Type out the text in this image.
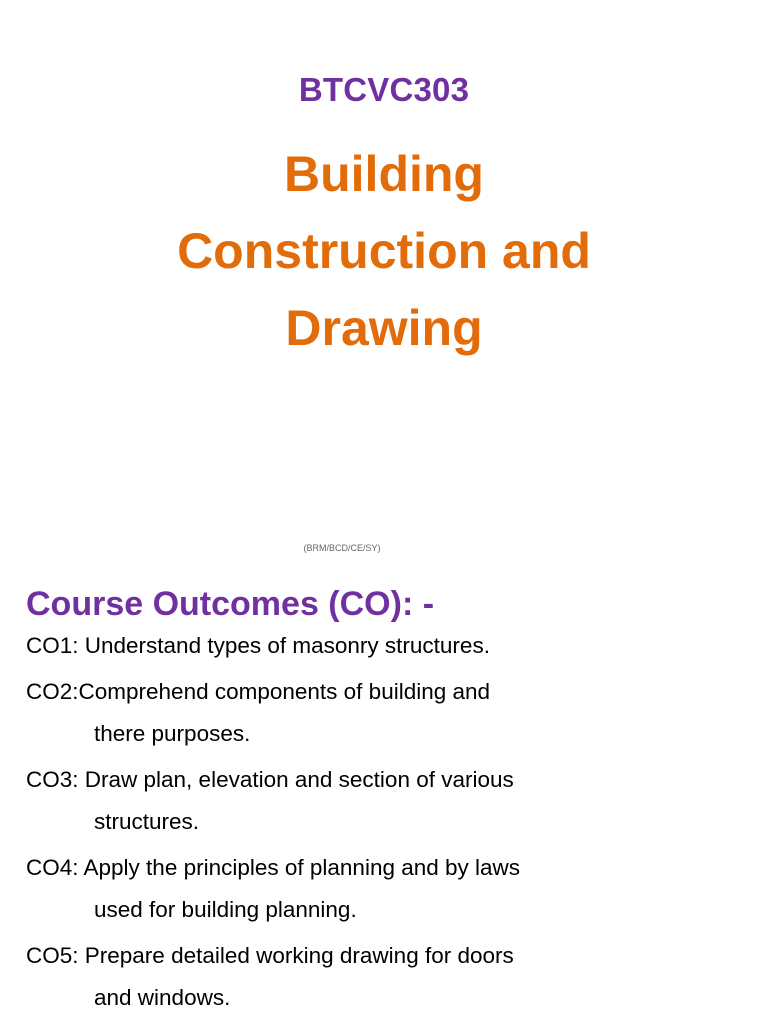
BTCVC303
Building
Construction and
Drawing
(BRM/BCD/CE/SY)
Course Outcomes (CO): -
CO1: Understand types of masonry structures.
CO2:Comprehend components of building and
there purposes.
CO3: Draw plan, elevation and section of various
structures.
CO4: Apply the principles of planning and by laws
used for building planning.
CO5: Prepare detailed working drawing for doors
and windows.
